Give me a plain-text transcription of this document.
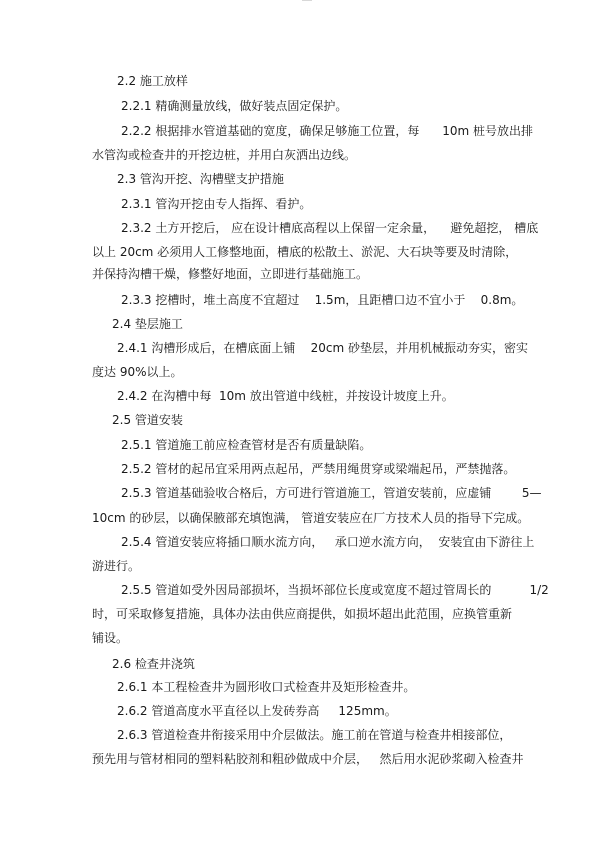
2.2 施工放样
2.2.1 精确测量放线，做好装点固定保护。
2.2.2 根据排水管道基础的宽度，确保足够施工位置，每      10m 桩号放出排
水管沟或检查井的开挖边桩，并用白灰洒出边线。
2.3 管沟开挖、沟槽壁支护措施
2.3.1 管沟开挖由专人指挥、看护。
2.3.2 土方开挖后， 应在设计槽底高程以上保留一定余量，    避免超挖， 槽底
以上 20cm 必须用人工修整地面，槽底的松散土、淤泥、大石块等要及时清除，
并保持沟槽干燥，修整好地面，立即进行基础施工。
2.3.3 挖槽时，堆土高度不宜超过    1.5m，且距槽口边不宜小于    0.8m。
2.4 垫层施工
2.4.1 沟槽形成后，在槽底面上铺    20cm 砂垫层，并用机械振动夯实，密实
度达 90%以上。
2.4.2 在沟槽中每  10m 放出管道中线桩，并按设计坡度上升。
2.5 管道安装
2.5.1 管道施工前应检查管材是否有质量缺陷。
2.5.2 管材的起吊宜采用两点起吊，严禁用绳贯穿或梁端起吊，严禁抛落。
2.5.3 管道基础验收合格后，方可进行管道施工，管道安装前，应虚铺        5—
10cm 的砂层，以确保腋部充填饱满， 管道安装应在厂方技术人员的指导下完成。
2.5.4 管道安装应将插口顺水流方向，   承口逆水流方向，  安装宜由下游往上
游进行。
2.5.5 管道如受外因局部损坏，当损坏部位长度或宽度不超过管周长的          1/2
时，可采取修复措施，具体办法由供应商提供，如损坏超出此范围，应换管重新
铺设。
2.6 检查井浇筑
2.6.1 本工程检查井为圆形收口式检查井及矩形检查井。
2.6.2 管道高度水平直径以上发砖券高     125mm。
2.6.3 管道检查井衔接采用中介层做法。施工前在管道与检查井相接部位，
预先用与管材相同的塑料粘胶剂和粗砂做成中介层，   然后用水泥砂浆砌入检查井
